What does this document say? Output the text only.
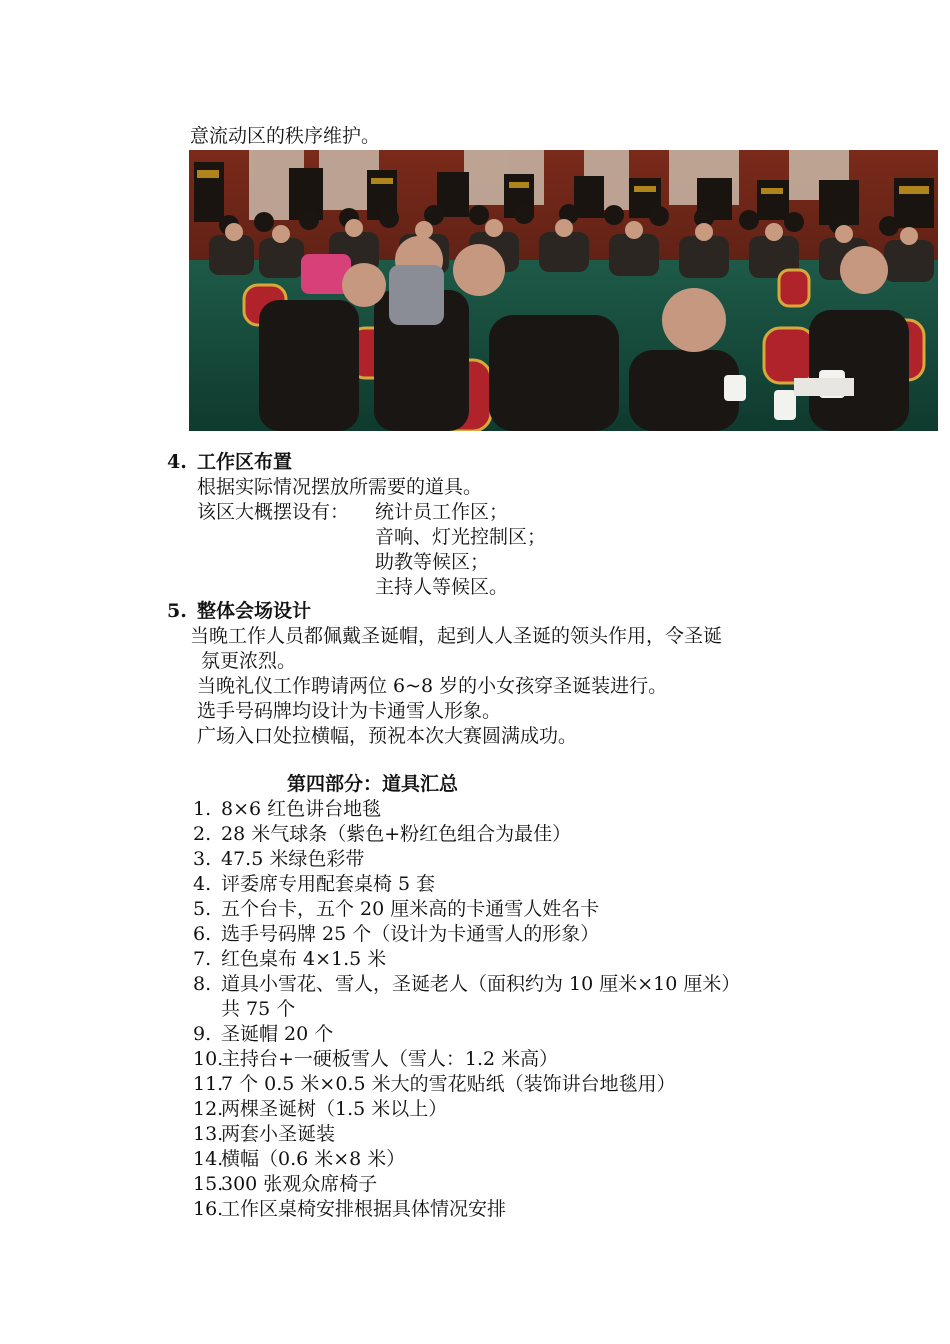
意流动区的秩序维护。
4. 工作区布置
根据实际情况摆放所需要的道具。
该区大概摆设有： 统计员工作区；
音响、灯光控制区；
助教等候区；
主持人等候区。
5. 整体会场设计
当晚工作人员都佩戴圣诞帽，起到人人圣诞的领头作用，令圣诞
氛更浓烈。
当晚礼仪工作聘请两位 6~8 岁的小女孩穿圣诞装进行。
选手号码牌均设计为卡通雪人形象。
广场入口处拉横幅，预祝本次大赛圆满成功。
第四部分：道具汇总
1. 8×6 红色讲台地毯
2. 28 米气球条（紫色+粉红色组合为最佳）
3. 47.5 米绿色彩带
4. 评委席专用配套桌椅 5 套
5. 五个台卡，五个 20 厘米高的卡通雪人姓名卡
6. 选手号码牌 25 个（设计为卡通雪人的形象）
7. 红色桌布 4×1.5 米
8. 道具小雪花、雪人，圣诞老人（面积约为 10 厘米×10 厘米）
共 75 个
9. 圣诞帽 20 个
10.
主持台+一硬板雪人（雪人：1.2 米高）
11.
7 个 0.5 米×0.5 米大的雪花贴纸（装饰讲台地毯用）
12.
两棵圣诞树（1.5 米以上）
13.
两套小圣诞装
14.
横幅（0.6 米×8 米）
15.
300 张观众席椅子
16.
工作区桌椅安排根据具体情况安排
